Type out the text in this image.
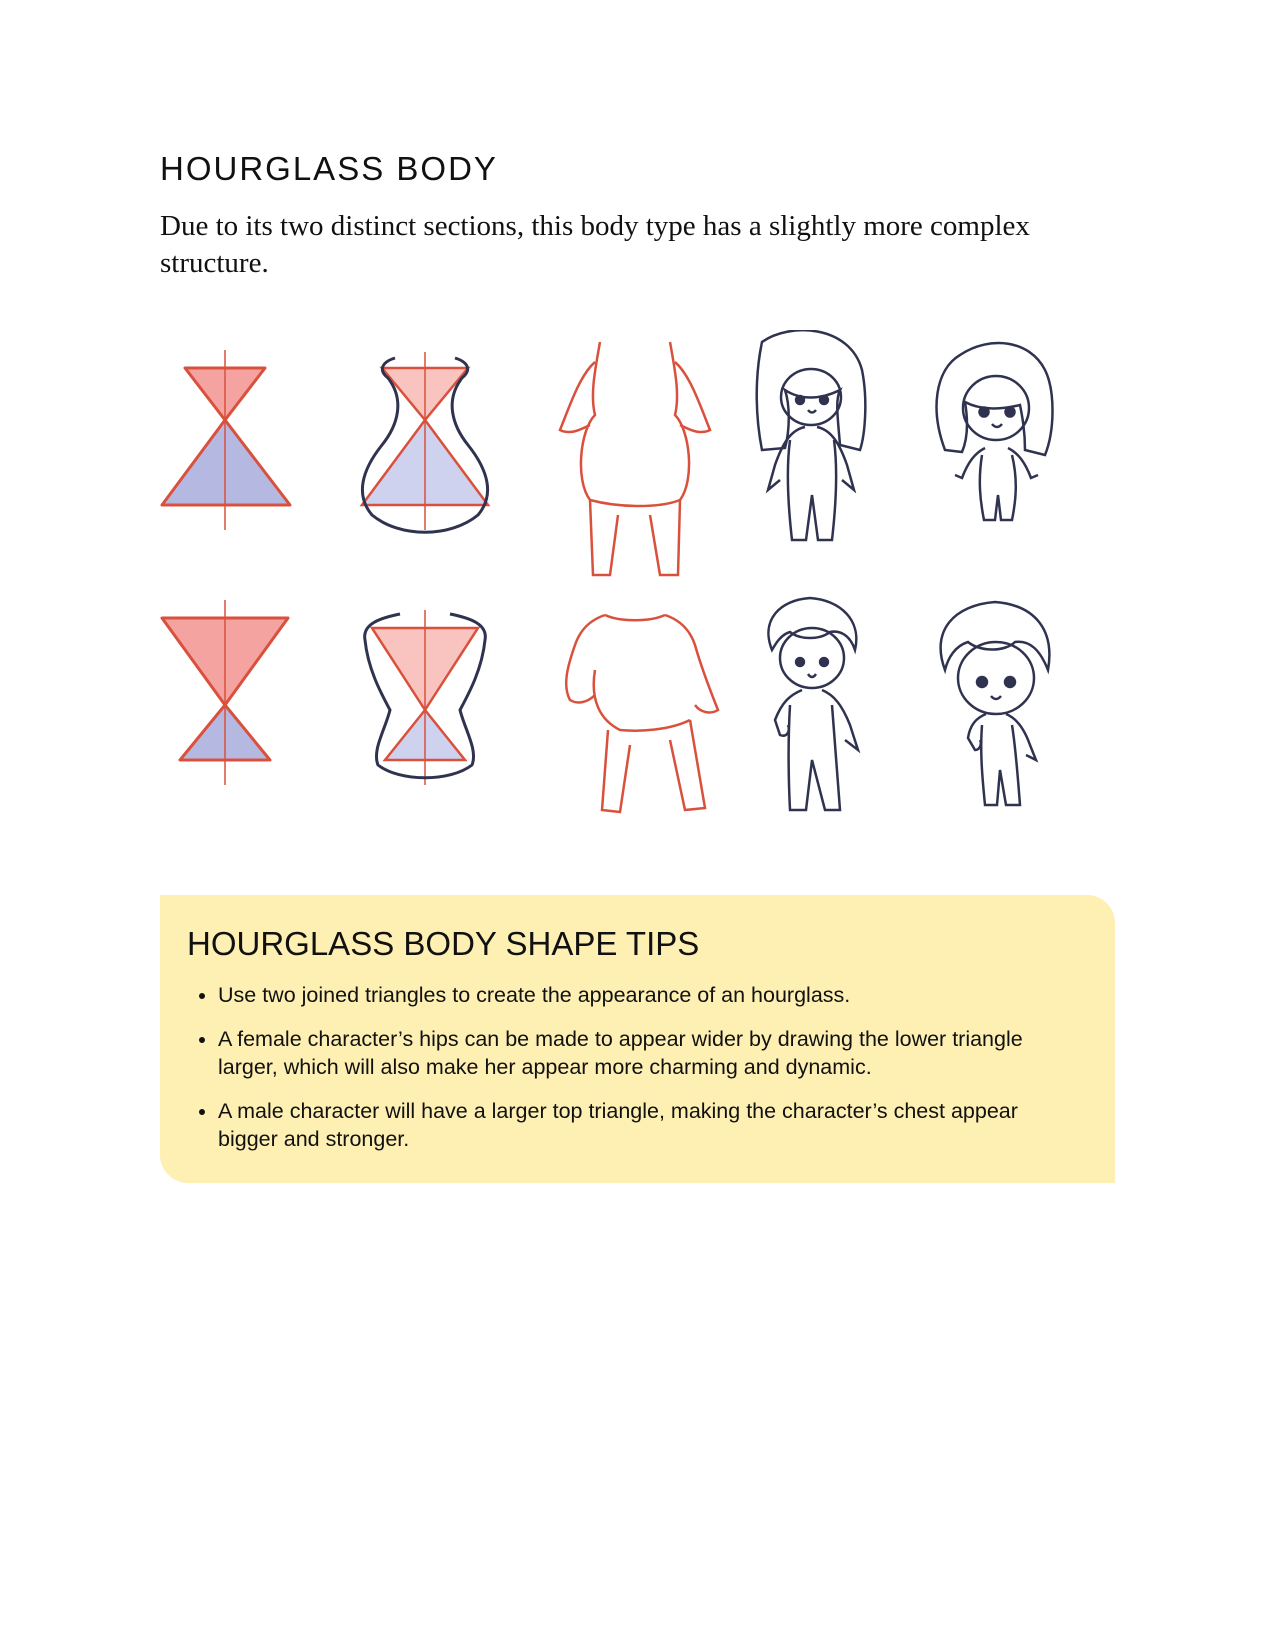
HOURGLASS BODY

Due to its two distinct sections, this body type has a slightly more complex structure.

HOURGLASS BODY SHAPE TIPS
• Use two joined triangles to create the appearance of an hourglass.
• A female character’s hips can be made to appear wider by drawing the lower triangle larger, which will also make her appear more charming and dynamic.
• A male character will have a larger top triangle, making the character’s chest appear bigger and stronger.
